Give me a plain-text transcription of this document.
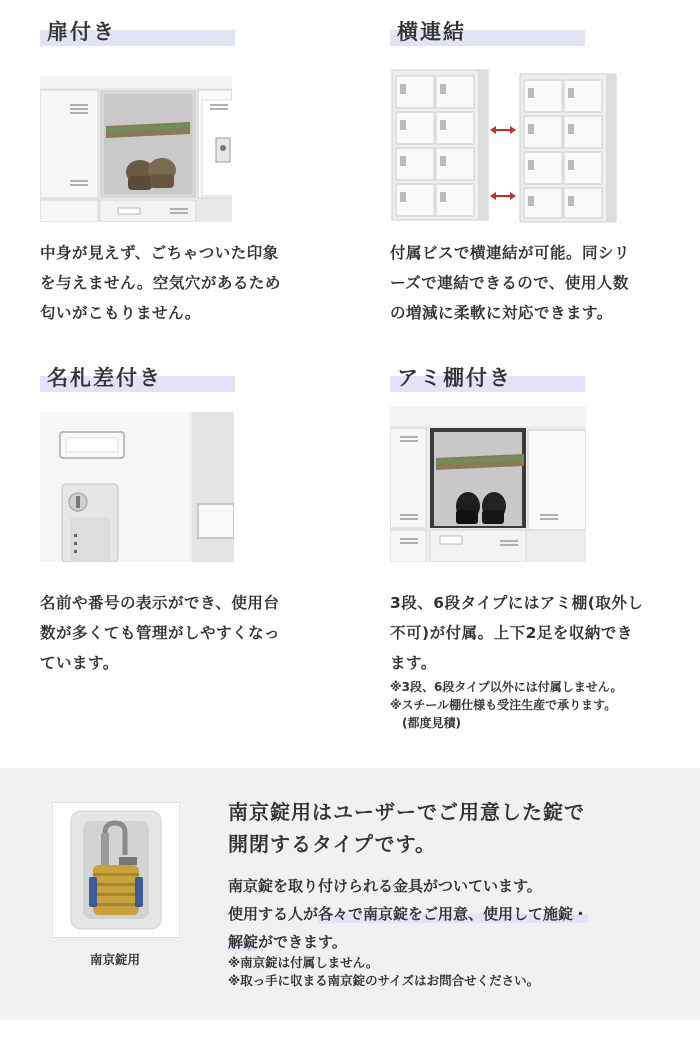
扉付き
中身が見えず、ごちゃついた印象
を与えません。空気穴があるため
匂いがこもりません。
横連結
付属ビスで横連結が可能。同シリ
ーズで連結できるので、使用人数
の増減に柔軟に対応できます。
名札差付き
名前や番号の表示ができ、使用台
数が多くても管理がしやすくなっ
ています。
アミ棚付き
3段、6段タイプにはアミ棚(取外し
不可)が付属。上下2足を収納でき
ます。
※3段、6段タイプ以外には付属しません。
※スチール棚仕様も受注生産で承ります。
　(都度見積)
南京錠用
南京錠用はユーザーでご用意した錠で
開閉するタイプです。
南京錠を取り付けられる金具がついています。
使用する人が各々で南京錠をご用意、使用して施錠・
解錠ができます。
※南京錠は付属しません。
※取っ手に収まる南京錠のサイズはお問合せください。
